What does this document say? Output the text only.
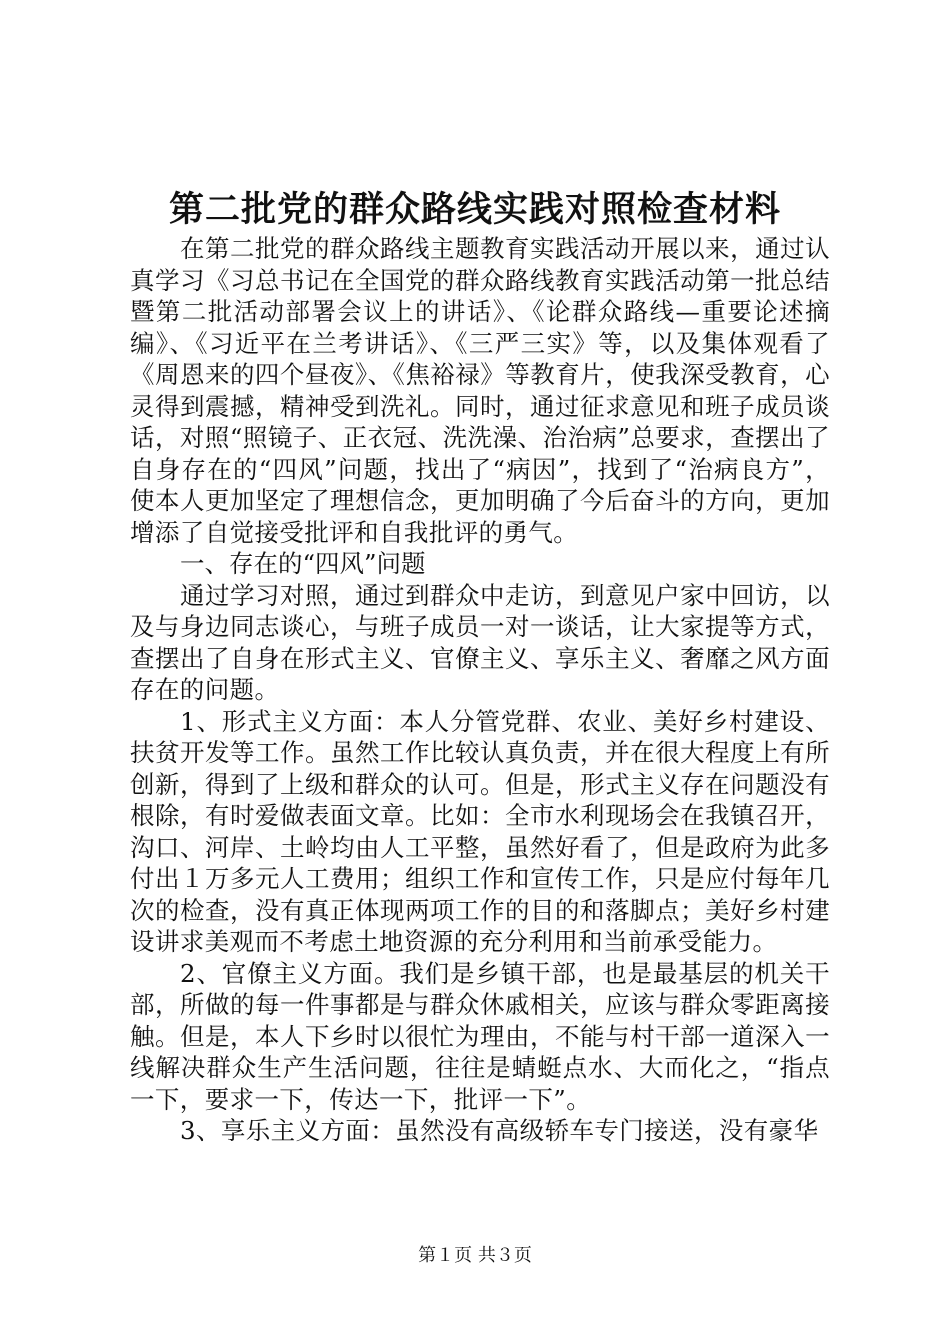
第二批党的群众路线实践对照检查材料

在第二批党的群众路线主题教育实践活动开展以来，通过认真学习《习总书记在全国党的群众路线教育实践活动第一批总结暨第二批活动部署会议上的讲话》、《论群众路线—重要论述摘编》、《习近平在兰考讲话》、《三严三实》等，以及集体观看了《周恩来的四个昼夜》、《焦裕禄》等教育片，使我深受教育，心灵得到震撼，精神受到洗礼。同时，通过征求意见和班子成员谈话，对照“照镜子、正衣冠、洗洗澡、治治病”总要求，查摆出了自身存在的“四风”问题，找出了“病因”，找到了“治病良方”，使本人更加坚定了理想信念，更加明确了今后奋斗的方向，更加增添了自觉接受批评和自我批评的勇气。

一、存在的“四风”问题

通过学习对照，通过到群众中走访，到意见户家中回访，以及与身边同志谈心，与班子成员一对一谈话，让大家提等方式，查摆出了自身在形式主义、官僚主义、享乐主义、奢靡之风方面存在的问题。

1、形式主义方面：本人分管党群、农业、美好乡村建设、扶贫开发等工作。虽然工作比较认真负责，并在很大程度上有所创新，得到了上级和群众的认可。但是，形式主义存在问题没有根除，有时爱做表面文章。比如：全市水利现场会在我镇召开，沟口、河岸、土岭均由人工平整，虽然好看了，但是政府为此多付出１万多元人工费用；组织工作和宣传工作，只是应付每年几次的检查，没有真正体现两项工作的目的和落脚点；美好乡村建设讲求美观而不考虑土地资源的充分利用和当前承受能力。

2、官僚主义方面。我们是乡镇干部，也是最基层的机关干部，所做的每一件事都是与群众休戚相关，应该与群众零距离接触。但是，本人下乡时以很忙为理由，不能与村干部一道深入一线解决群众生产生活问题，往往是蜻蜓点水、大而化之，“指点一下，要求一下，传达一下，批评一下”。

3、享乐主义方面：虽然没有高级轿车专门接送，没有豪华

第１页 共３页
